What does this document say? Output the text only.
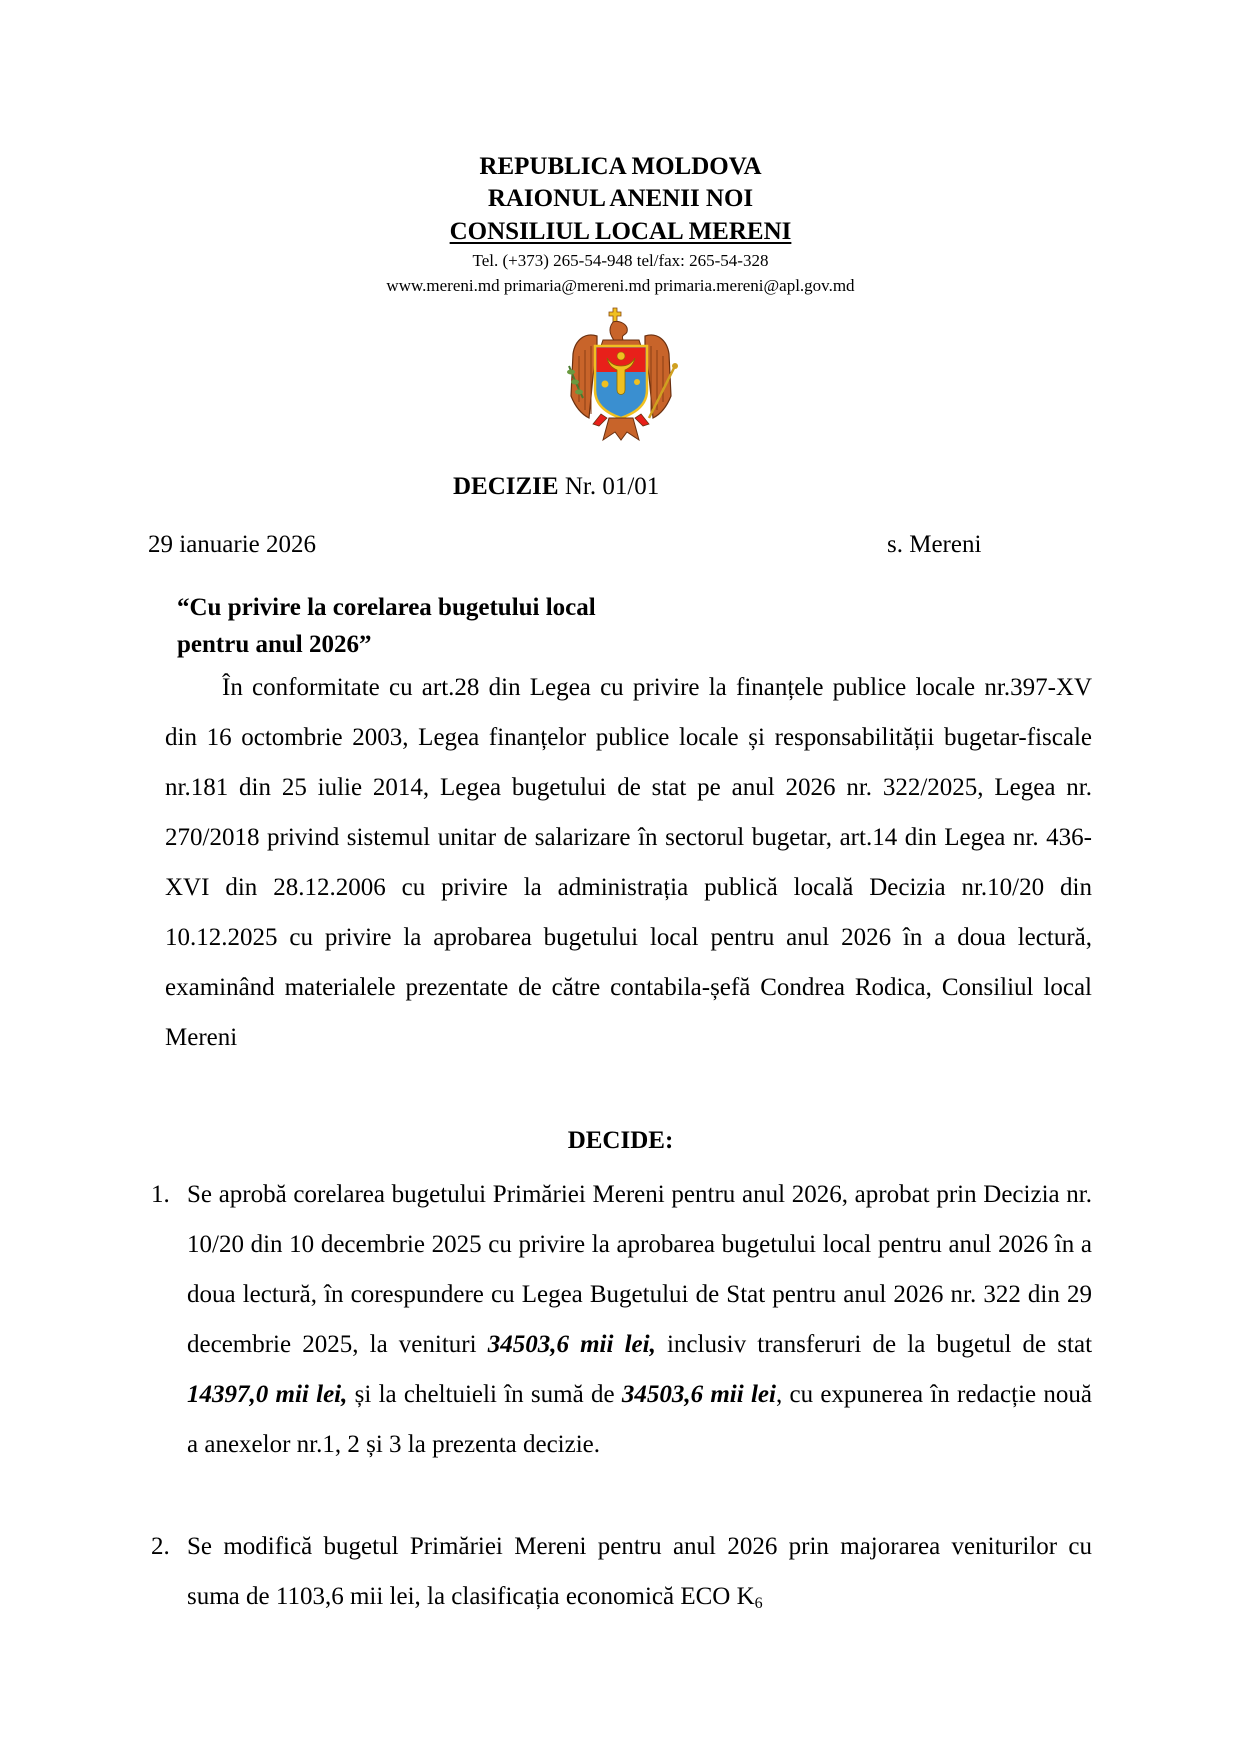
REPUBLICA MOLDOVA
RAIONUL ANENII NOI
CONSILIUL LOCAL MERENI
Tel. (+373) 265-54-948 tel/fax: 265-54-328
www.mereni.md primaria@mereni.md primaria.mereni@apl.gov.md
DECIZIE Nr. 01/01
29 ianuarie 2026	s. Mereni
“Cu privire la corelarea bugetului local
pentru anul 2026”
În conformitate cu art.28 din Legea cu privire la finanțele publice locale nr.397-XV din 16 octombrie 2003, Legea finanțelor publice locale și responsabilității bugetar-fiscale nr.181 din 25 iulie 2014, Legea bugetului de stat pe anul 2026 nr. 322/2025, Legea nr. 270/2018 privind sistemul unitar de salarizare în sectorul bugetar, art.14 din Legea nr. 436-XVI din 28.12.2006 cu privire la administrația publică locală Decizia nr.10/20 din 10.12.2025 cu privire la aprobarea bugetului local pentru anul 2026 în a doua lectură, examinând materialele prezentate de către contabila-șefă Condrea Rodica, Consiliul local Mereni
DECIDE:
1. Se aprobă corelarea bugetului Primăriei Mereni pentru anul 2026, aprobat prin Decizia nr. 10/20 din 10 decembrie 2025 cu privire la aprobarea bugetului local pentru anul 2026 în a doua lectură, în corespundere cu Legea Bugetului de Stat pentru anul 2026 nr. 322 din 29 decembrie 2025, la venituri 34503,6 mii lei, inclusiv transferuri de la bugetul de stat 14397,0 mii lei, și la cheltuieli în sumă de 34503,6 mii lei, cu expunerea în redacție nouă a anexelor nr.1, 2 și 3 la prezenta decizie.
2. Se modifică bugetul Primăriei Mereni pentru anul 2026 prin majorarea veniturilor cu suma de 1103,6 mii lei, la clasificația economică ECO $K_6$
